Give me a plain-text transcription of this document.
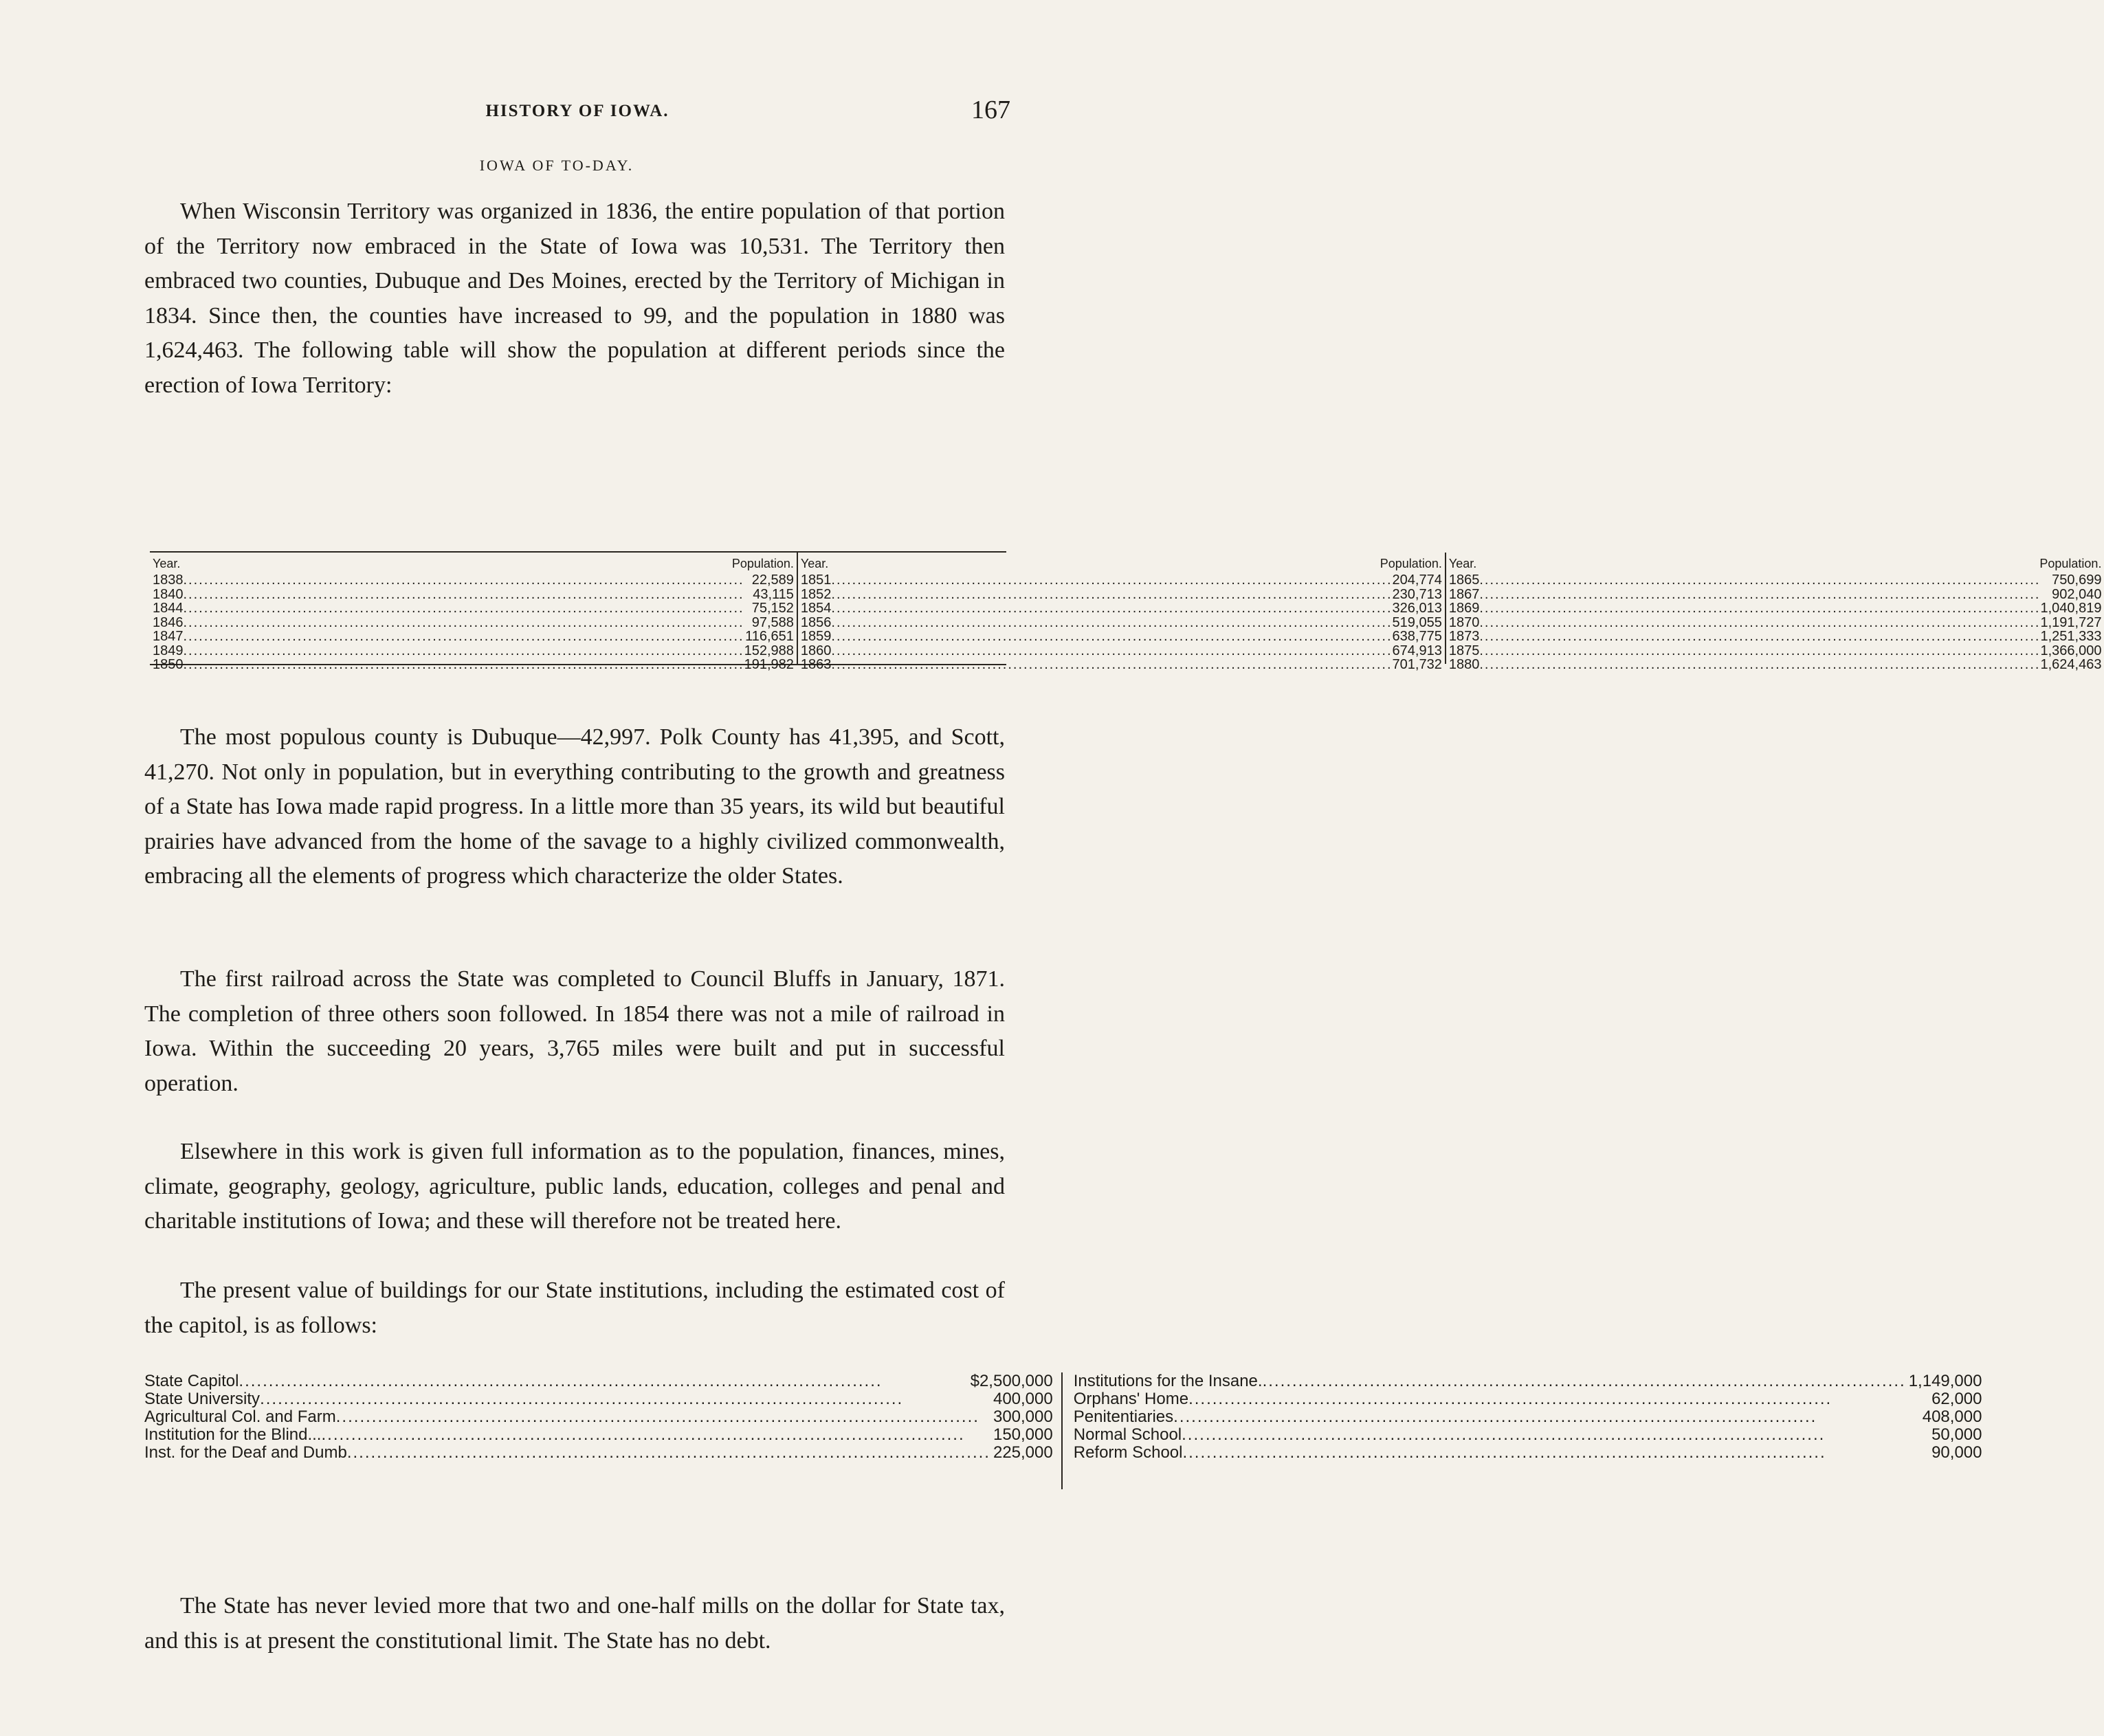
HISTORY OF IOWA.	167
IOWA OF TO-DAY.

When Wisconsin Territory was organized in 1836, the entire population of that portion of the Territory now embraced in the State of Iowa was 10,531. The Territory then embraced two counties, Dubuque and Des Moines, erected by the Territory of Michigan in 1834. Since then, the counties have increased to 99, and the population in 1880 was 1,624,463. The following table will show the population at different periods since the erection of Iowa Territory:

Year.	Population.
1838 .....	22,589
1840 .....	43,115
1844 .....	75,152
1846 .....	97,588
1847 .....	116,651
1849 .....	152,988
1850 .....	191,982
Year.	Population.
1851 .....	204,774
1852 .....	230,713
1854 .....	326,013
1856 .....	519,055
1859 .....	638,775
1860 .....	674,913
1863 .....	701,732
Year.	Population.
1865 .....	750,699
1867 .....	902,040
1869 .....	1,040,819
1870 .....	1,191,727
1873 .....	1,251,333
1875 .....	1,366,000
1880 .....	1,624,463

The most populous county is Dubuque—42,997. Polk County has 41,395, and Scott, 41,270. Not only in population, but in everything contributing to the growth and greatness of a State has Iowa made rapid progress. In a little more than 35 years, its wild but beautiful prairies have advanced from the home of the savage to a highly civilized commonwealth, embracing all the elements of progress which characterize the older States.

The first railroad across the State was completed to Council Bluffs in January, 1871. The completion of three others soon followed. In 1854 there was not a mile of railroad in Iowa. Within the succeeding 20 years, 3,765 miles were built and put in successful operation.

Elsewhere in this work is given full information as to the population, finances, mines, climate, geography, geology, agriculture, public lands, education, colleges and penal and charitable institutions of Iowa; and these will therefore not be treated here.

The present value of buildings for our State institutions, including the estimated cost of the capitol, is as follows:

State Capitol .....	$2,500,000
State University .....	400,000
Agricultural Col. and Farm .....	300,000
Institution for the Blind... .....	150,000
Inst. for the Deaf and Dumb .....	225,000
Institutions for the Insane. .....	1,149,000
Orphans' Home .....	62,000
Penitentiaries .....	408,000
Normal School .....	50,000
Reform School .....	90,000

The State has never levied more that two and one-half mills on the dollar for State tax, and this is at present the constitutional limit. The State has no debt.
